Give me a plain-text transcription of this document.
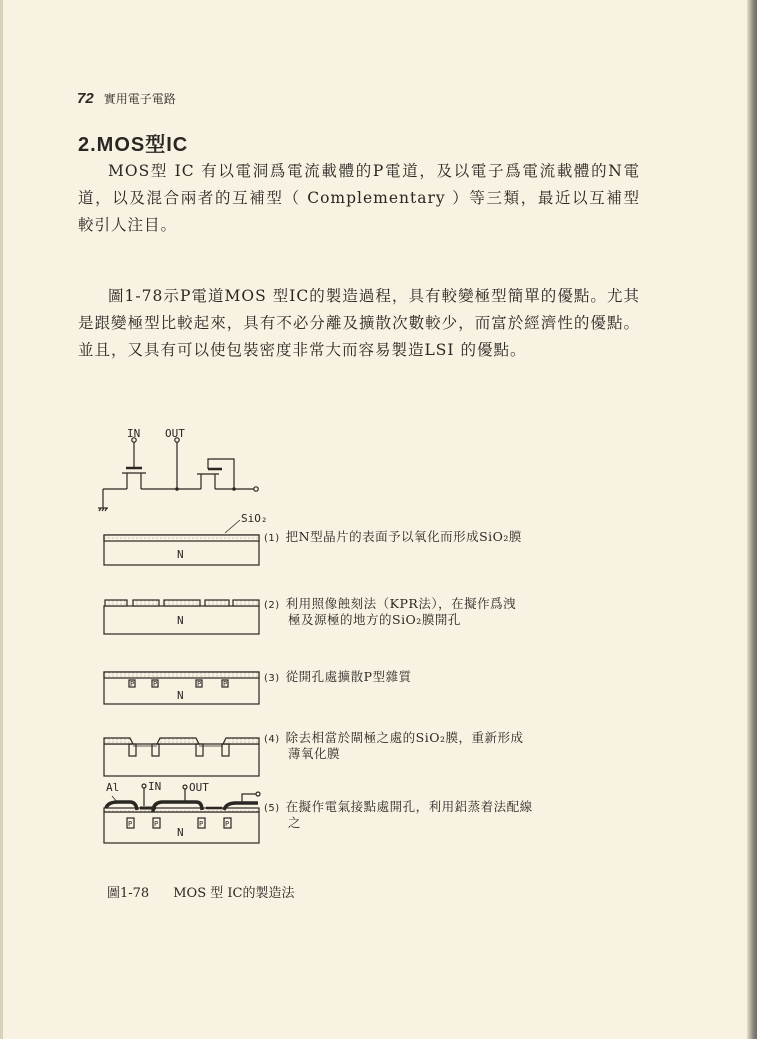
72 實用電子電路
2.MOS型IC

MOS型 IC 有以電洞爲電流載體的P電道，及以電子爲電流載體的N電道，以及混合兩者的互補型（ Complementary ）等三類，最近以互補型較引人注目。

圖1-78示P電道MOS 型IC的製造過程，具有較變極型簡單的優點。尤其是跟變極型比較起來，具有不必分離及擴散次數較少，而富於經濟性的優點。並且，又具有可以使包裝密度非常大而容易製造LSI 的優點。

IN OUT
SiO₂
N
N
N
N
P	P	P	P
P	P	P	P
Al	IN	OUT
(1) 把N型晶片的表面予以氧化而形成SiO₂膜
(2) 利用照像蝕刻法（KPR法），在擬作爲洩
極及源極的地方的SiO₂膜開孔
(3) 從開孔處擴散P型雜質
(4) 除去相當於閘極之處的SiO₂膜，重新形成
薄氧化膜
(5) 在擬作電氣接點處開孔，利用鋁蒸着法配線
之
圖1-78 MOS 型 IC的製造法
